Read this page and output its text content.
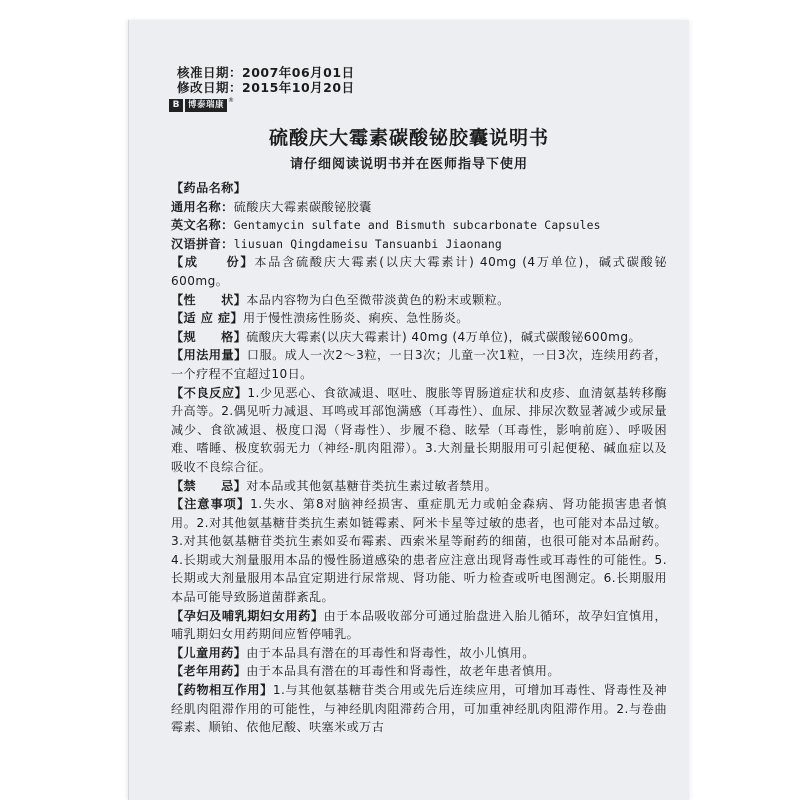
核准日期：2007年06月01日
修改日期：2015年10月20日
B	博泰瑞康 ®
硫酸庆大霉素碳酸铋胶囊说明书
请仔细阅读说明书并在医师指导下使用

【药品名称】

通用名称：硫酸庆大霉素碳酸铋胶囊

英文名称：Gentamycin sulfate and Bismuth subcarbonate Capsules

汉语拼音：liusuan Qingdameisu Tansuanbi Jiaonang

【成　　份】本品含硫酸庆大霉素(以庆大霉素计) 40mg (4万单位)，碱式碳酸铋600mg。

【性　　状】本品内容物为白色至微带淡黄色的粉末或颗粒。

【适 应 症】用于慢性溃疡性肠炎、痢疾、急性肠炎。

【规　　格】硫酸庆大霉素(以庆大霉素计) 40mg (4万单位)，碱式碳酸铋600mg。

【用法用量】口服。成人一次2～3粒，一日3次；儿童一次1粒，一日3次，连续用药者，一个疗程不宜超过10日。

【不良反应】1.少见恶心、食欲减退、呕吐、腹胀等胃肠道症状和皮疹、血清氨基转移酶升高等。2.偶见听力减退、耳鸣或耳部饱满感（耳毒性）、血尿、排尿次数显著减少或尿量减少、食欲减退、极度口渴（肾毒性）、步履不稳、眩晕（耳毒性，影响前庭）、呼吸困难、嗜睡、极度软弱无力（神经-肌肉阻滞）。3.大剂量长期服用可引起便秘、碱血症以及吸收不良综合征。

【禁　　忌】对本品或其他氨基糖苷类抗生素过敏者禁用。

【注意事项】1.失水、第8对脑神经损害、重症肌无力或帕金森病、肾功能损害患者慎用。2.对其他氨基糖苷类抗生素如链霉素、阿米卡星等过敏的患者，也可能对本品过敏。3.对其他氨基糖苷类抗生素如妥布霉素、西索米星等耐药的细菌，也很可能对本品耐药。4.长期或大剂量服用本品的慢性肠道感染的患者应注意出现肾毒性或耳毒性的可能性。5.长期或大剂量服用本品宜定期进行尿常规、肾功能、听力检查或听电图测定。6.长期服用本品可能导致肠道菌群紊乱。

【孕妇及哺乳期妇女用药】由于本品吸收部分可通过胎盘进入胎儿循环，故孕妇宜慎用，哺乳期妇女用药期间应暂停哺乳。

【儿童用药】由于本品具有潜在的耳毒性和肾毒性，故小儿慎用。

【老年用药】由于本品具有潜在的耳毒性和肾毒性，故老年患者慎用。

【药物相互作用】1.与其他氨基糖苷类合用或先后连续应用，可增加耳毒性、肾毒性及神经肌肉阻滞作用的可能性，与神经肌肉阻滞药合用，可加重神经肌肉阻滞作用。2.与卷曲霉素、顺铂、依他尼酸、呋塞米或万古
